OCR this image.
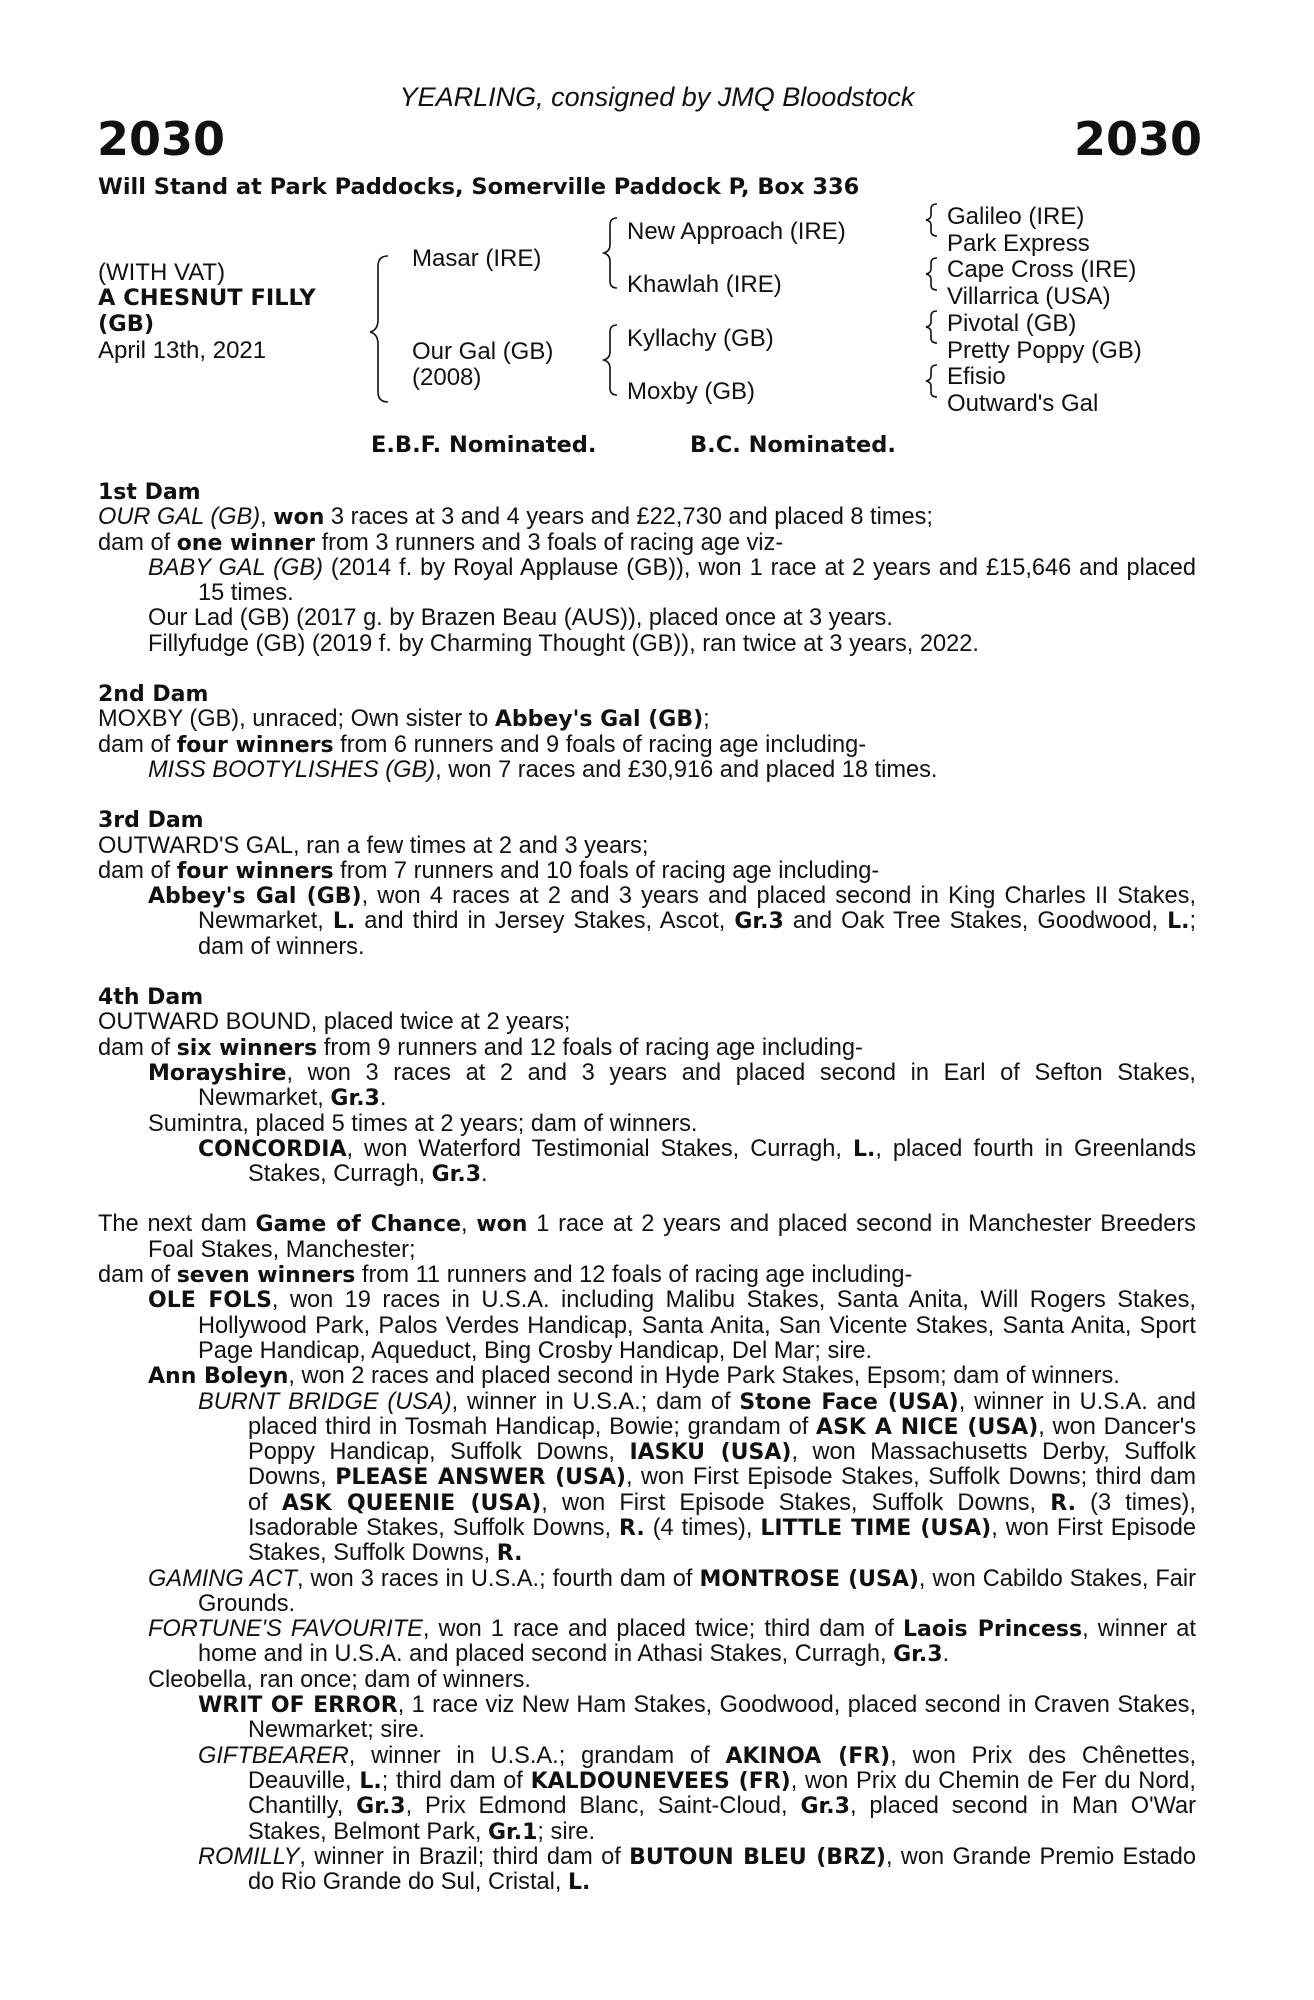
YEARLING, consigned by JMQ Bloodstock
2030	2030
Will Stand at Park Paddocks, Somerville Paddock P, Box 336
(WITH VAT)
A CHESNUT FILLY
(GB)
April 13th, 2021
Masar (IRE)
Our Gal (GB)
(2008)
New Approach (IRE)
Khawlah (IRE)
Kyllachy (GB)
Moxby (GB)
Galileo (IRE)
Park Express
Cape Cross (IRE)
Villarrica (USA)
Pivotal (GB)
Pretty Poppy (GB)
Efisio
Outward's Gal
E.B.F. Nominated.	B.C. Nominated.
1st Dam
OUR GAL (GB), won 3 races at 3 and 4 years and £22,730 and placed 8 times;
dam of one winner from 3 runners and 3 foals of racing age viz-
BABY GAL (GB) (2014 f. by Royal Applause (GB)), won 1 race at 2 years and £15,646 and placed 15 times.
Our Lad (GB) (2017 g. by Brazen Beau (AUS)), placed once at 3 years.
Fillyfudge (GB) (2019 f. by Charming Thought (GB)), ran twice at 3 years, 2022.
2nd Dam
MOXBY (GB), unraced; Own sister to Abbey's Gal (GB);
dam of four winners from 6 runners and 9 foals of racing age including-
MISS BOOTYLISHES (GB), won 7 races and £30,916 and placed 18 times.
3rd Dam
OUTWARD'S GAL, ran a few times at 2 and 3 years;
dam of four winners from 7 runners and 10 foals of racing age including-
Abbey's Gal (GB), won 4 races at 2 and 3 years and placed second in King Charles II Stakes, Newmarket, L. and third in Jersey Stakes, Ascot, Gr.3 and Oak Tree Stakes, Goodwood, L.; dam of winners.
4th Dam
OUTWARD BOUND, placed twice at 2 years;
dam of six winners from 9 runners and 12 foals of racing age including-
Morayshire, won 3 races at 2 and 3 years and placed second in Earl of Sefton Stakes, Newmarket, Gr.3.
Sumintra, placed 5 times at 2 years; dam of winners.
CONCORDIA, won Waterford Testimonial Stakes, Curragh, L., placed fourth in Greenlands Stakes, Curragh, Gr.3.
The next dam Game of Chance, won 1 race at 2 years and placed second in Manchester Breeders Foal Stakes, Manchester;
dam of seven winners from 11 runners and 12 foals of racing age including-
OLE FOLS, won 19 races in U.S.A. including Malibu Stakes, Santa Anita, Will Rogers Stakes, Hollywood Park, Palos Verdes Handicap, Santa Anita, San Vicente Stakes, Santa Anita, Sport Page Handicap, Aqueduct, Bing Crosby Handicap, Del Mar; sire.
Ann Boleyn, won 2 races and placed second in Hyde Park Stakes, Epsom; dam of winners.
BURNT BRIDGE (USA), winner in U.S.A.; dam of Stone Face (USA), winner in U.S.A. and placed third in Tosmah Handicap, Bowie; grandam of ASK A NICE (USA), won Dancer's Poppy Handicap, Suffolk Downs, IASKU (USA), won Massachusetts Derby, Suffolk Downs, PLEASE ANSWER (USA), won First Episode Stakes, Suffolk Downs; third dam of ASK QUEENIE (USA), won First Episode Stakes, Suffolk Downs, R. (3 times), Isadorable Stakes, Suffolk Downs, R. (4 times), LITTLE TIME (USA), won First Episode Stakes, Suffolk Downs, R.
GAMING ACT, won 3 races in U.S.A.; fourth dam of MONTROSE (USA), won Cabildo Stakes, Fair Grounds.
FORTUNE'S FAVOURITE, won 1 race and placed twice; third dam of Laois Princess, winner at home and in U.S.A. and placed second in Athasi Stakes, Curragh, Gr.3.
Cleobella, ran once; dam of winners.
WRIT OF ERROR, 1 race viz New Ham Stakes, Goodwood, placed second in Craven Stakes, Newmarket; sire.
GIFTBEARER, winner in U.S.A.; grandam of AKINOA (FR), won Prix des Chênettes, Deauville, L.; third dam of KALDOUNEVEES (FR), won Prix du Chemin de Fer du Nord, Chantilly, Gr.3, Prix Edmond Blanc, Saint-Cloud, Gr.3, placed second in Man O'War Stakes, Belmont Park, Gr.1; sire.
ROMILLY, winner in Brazil; third dam of BUTOUN BLEU (BRZ), won Grande Premio Estado do Rio Grande do Sul, Cristal, L.
